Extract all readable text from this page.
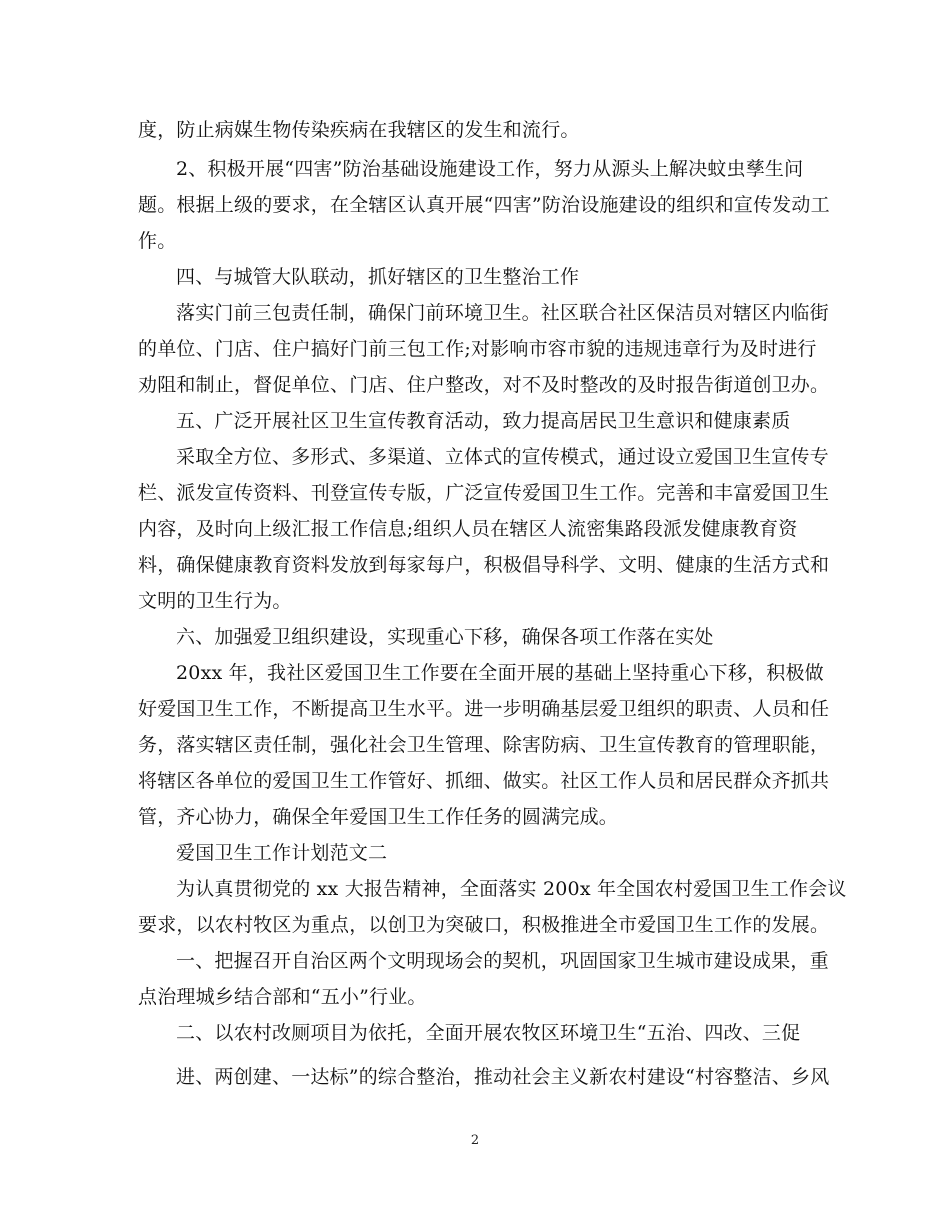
度，防止病媒生物传染疾病在我辖区的发生和流行。
2、积极开展“四害”防治基础设施建设工作，努力从源头上解决蚊虫孳生问
题。根据上级的要求，在全辖区认真开展“四害”防治设施建设的组织和宣传发动工
作。
四、与城管大队联动，抓好辖区的卫生整治工作
落实门前三包责任制，确保门前环境卫生。社区联合社区保洁员对辖区内临街
的单位、门店、住户搞好门前三包工作;对影响市容市貌的违规违章行为及时进行
劝阻和制止，督促单位、门店、住户整改，对不及时整改的及时报告街道创卫办。
五、广泛开展社区卫生宣传教育活动，致力提高居民卫生意识和健康素质
采取全方位、多形式、多渠道、立体式的宣传模式，通过设立爱国卫生宣传专
栏、派发宣传资料、刊登宣传专版，广泛宣传爱国卫生工作。完善和丰富爱国卫生
内容，及时向上级汇报工作信息;组织人员在辖区人流密集路段派发健康教育资
料，确保健康教育资料发放到每家每户，积极倡导科学、文明、健康的生活方式和
文明的卫生行为。
六、加强爱卫组织建设，实现重心下移，确保各项工作落在实处
20xx 年，我社区爱国卫生工作要在全面开展的基础上坚持重心下移，积极做
好爱国卫生工作，不断提高卫生水平。进一步明确基层爱卫组织的职责、人员和任
务，落实辖区责任制，强化社会卫生管理、除害防病、卫生宣传教育的管理职能，
将辖区各单位的爱国卫生工作管好、抓细、做实。社区工作人员和居民群众齐抓共
管，齐心协力，确保全年爱国卫生工作任务的圆满完成。
爱国卫生工作计划范文二
为认真贯彻党的 xx 大报告精神，全面落实 200x 年全国农村爱国卫生工作会议
要求，以农村牧区为重点，以创卫为突破口，积极推进全市爱国卫生工作的发展。
一、把握召开自治区两个文明现场会的契机，巩固国家卫生城市建设成果，重
点治理城乡结合部和“五小”行业。
二、以农村改厕项目为依托，全面开展农牧区环境卫生“五治、四改、三促
进、两创建、一达标”的综合整治，推动社会主义新农村建设“村容整洁、乡风
2
